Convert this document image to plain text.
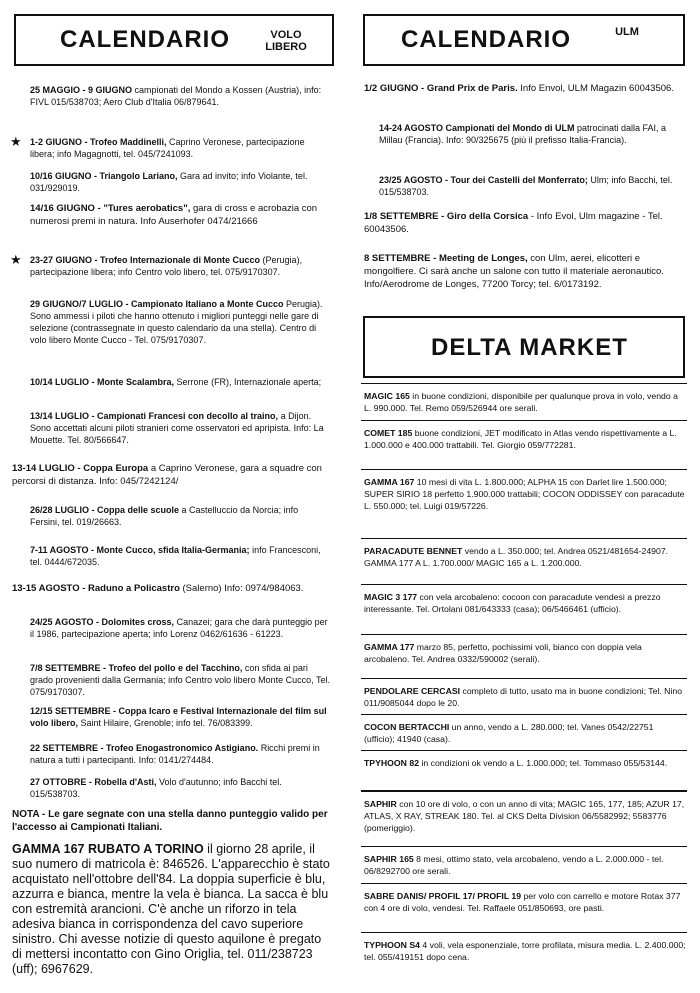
CALENDARIO	VOLO
LIBERO
25 MAGGIO - 9 GIUGNO campionati del Mondo a Kossen (Austria), info: FIVL 015/538703; Aero Club d'Italia 06/879641.
★ 1-2 GIUGNO - Trofeo Maddinelli, Caprino Veronese, partecipazione libera; info Magagnotti, tel. 045/7241093.
10/16 GIUGNO - Triangolo Lariano, Gara ad invito; info Violante, tel. 031/929019.
14/16 GIUGNO - "Tures aerobatics", gara di cross e acrobazia con numerosi premi in natura. Info Auserhofer 0474/21666
★ 23-27 GIUGNO - Trofeo Internazionale di Monte Cucco (Perugia), partecipazione libera; info Centro volo libero, tel. 075/9170307.
29 GIUGNO/7 LUGLIO - Campionato Italiano a Monte Cucco Perugia). Sono ammessi i piloti che hanno ottenuto i migliori punteggi nelle gare di selezione (contrassegnate in questo calendario da una stella). Centro di volo libero Monte Cucco - Tel. 075/9170307.
10/14 LUGLIO - Monte Scalambra, Serrone (FR), Internazionale aperta;
13/14 LUGLIO - Campionati Francesi con decollo al traino, a Dijon. Sono accettati alcuni piloti stranieri come osservatori ed apripista. Info: La Mouette. Tel. 80/566647.
13-14 LUGLIO - Coppa Europa a Caprino Veronese, gara a squadre con percorsi di distanza. Info: 045/7242124/
26/28 LUGLIO - Coppa delle scuole a Castelluccio da Norcia; info Fersini, tel. 019/26663.
7-11 AGOSTO - Monte Cucco, sfida Italia-Germania; info Francesconi, tel. 0444/672035.
13-15 AGOSTO - Raduno a Policastro (Salerno) Info: 0974/984063.
24/25 AGOSTO - Dolomites cross, Canazei; gara che darà punteggio per il 1986, partecipazione aperta; info Lorenz 0462/61636 - 61223.
7/8 SETTEMBRE - Trofeo del pollo e del Tacchino, con sfida ai pari grado provenienti dalla Germania; info Centro volo libero Monte Cucco, Tel. 075/9170307.
12/15 SETTEMBRE - Coppa Icaro e Festival Internazionale del film sul volo libero, Saint Hilaire, Grenoble; info tel. 76/083399.
22 SETTEMBRE - Trofeo Enogastronomico Astigiano. Ricchi premi in natura a tutti i partecipanti. Info: 0141/274484.
27 OTTOBRE - Robella d'Asti, Volo d'autunno; info Bacchi tel. 015/538703.
NOTA - Le gare segnate con una stella danno punteggio valido per l'accesso ai Campionati Italiani.
GAMMA 167 RUBATO A TORINO il giorno 28 aprile, il suo numero di matricola è: 846526. L'apparecchio è stato acquistato nell'ottobre dell'84. La doppia superficie è blu, azzurra e bianca, mentre la vela è bianca. La sacca è blu con estremità arancioni. C'è anche un riforzo in tela adesiva bianca in corrispondenza del cavo superiore sinistro. Chi avesse notizie di questo aquilone è pregato di mettersi incontatto con Gino Origlia, tel. 011/238723 (uff); 6967629.
CALENDARIO	ULM
1/2 GIUGNO - Grand Prix de Paris. Info Envol, ULM Magazin 60043506.
14-24 AGOSTO Campionati del Mondo di ULM patrocinati dalla FAI, a Millau (Francia). Info: 90/325675 (più il prefisso Italia-Francia).
23/25 AGOSTO - Tour dei Castelli del Monferrato; Ulm; info Bacchi, tel. 015/538703.
1/8 SETTEMBRE - Giro della Corsica - Info Evol, Ulm magazine - Tel. 60043506.
8 SETTEMBRE - Meeting de Longes, con Ulm, aerei, elicotteri e mongolfiere. Ci sarà anche un salone con tutto il materiale aeronautico. Info/Aerodrome de Longes, 77200 Torcy; tel. 6/0173192.
DELTA MARKET
MAGIC 165 in buone condizioni, disponibile per qualunque prova in volo, vendo a L. 990.000. Tel. Remo 059/526944 ore serali.
COMET 185 buone condizioni, JET modificato in Atlas vendo rispettivamente a L. 1.000.000 e 400.000 trattabili. Tel. Giorgio 059/772281.
GAMMA 167 10 mesi di vita L. 1.800.000; ALPHA 15 con Darlet lire 1.500.000; SUPER SIRIO 18 perfetto 1.900.000 trattabili; COCON ODDISSEY con paracadute L. 550.000; tel. Luigi 019/57226.
PARACADUTE BENNET vendo a L. 350.000; tel. Andrea 0521/481654-24907. GAMMA 177 A L. 1.700.000/ MAGIC 165 a L. 1.200.000.
MAGIC 3 177 con vela arcobaleno: cocoon con paracadute vendesi a prezzo interessante. Tel. Ortolani 081/643333 (casa); 06/5466461 (ufficio).
GAMMA 177 marzo 85, perfetto, pochissimi voli, bianco con doppia vela arcobaleno. Tel. Andrea 0332/590002 (serali).
PENDOLARE CERCASI completo di tutto, usato ma in buone condizioni; Tel. Nino 011/9085044 dopo le 20.
COCON BERTACCHI un anno, vendo a L. 280.000; tel. Vanes 0542/22751 (ufficio); 41940 (casa).
TPYHOON 82 in condizioni ok vendo a L. 1.000.000; tel. Tommaso 055/53144.
SAPHIR con 10 ore di volo, o con un anno di vita; MAGIC 165, 177, 185; AZUR 17, ATLAS, X RAY, STREAK 180. Tel. al CKS Delta Division 06/5582992; 5583776 (pomeriggio).
SAPHIR 165 8 mesi, ottimo stato, vela arcobaleno, vendo a L. 2.000.000 - tel. 06/8292700 ore serali.
SABRE DANIS/ PROFIL 17/ PROFIL 19 per volo con carrello e motore Rotax 377 con 4 ore di volo, vendesi. Tel. Raffaele 051/850693, ore pasti.
TYPHOON S4 4 voli, vela esponenziale, torre profilata, misura media. L. 2.400.000; tel. 055/419151 dopo cena.
